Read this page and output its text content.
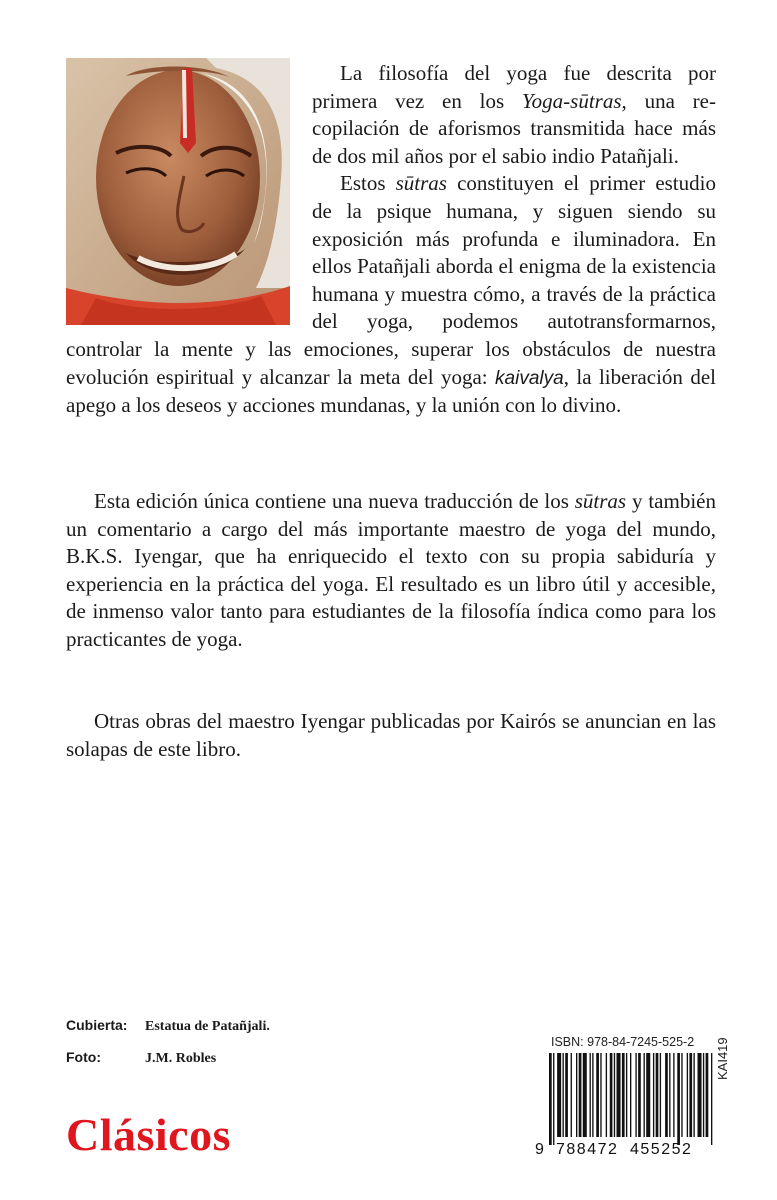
La filosofía del yoga fue descrita por primera vez en los Yoga-sūtras, una recopilación de aforismos transmitida hace más de dos mil años por el sabio indio Patañjali.

Estos sūtras constituyen el primer estudio de la psique humana, y siguen siendo su exposición más profunda e iluminadora. En ellos Patañjali aborda el enigma de la existencia humana y muestra cómo, a través de la práctica del yoga, podemos autotransformarnos, controlar la mente y las emociones, superar los obstáculos de nuestra evolución espiritual y alcanzar la meta del yoga: kaivalya, la liberación del apego a los deseos y acciones mundanas, y la unión con lo divino.

Esta edición única contiene una nueva traducción de los sūtras y también un comentario a cargo del más importante maestro de yoga del mundo, B.K.S. Iyengar, que ha enriquecido el texto con su propia sabiduría y experiencia en la práctica del yoga. El resultado es un libro útil y accesible, de inmenso valor tanto para estudiantes de la filosofía índica como para los practicantes de yoga.

Otras obras del maestro Iyengar publicadas por Kairós se anuncian en las solapas de este libro.

Cubierta: Estatua de Patañjali.
Foto:	J.M. Robles
Clásicos
ISBN: 978-84-7245-525-2
9 788472 455252
KAI419
